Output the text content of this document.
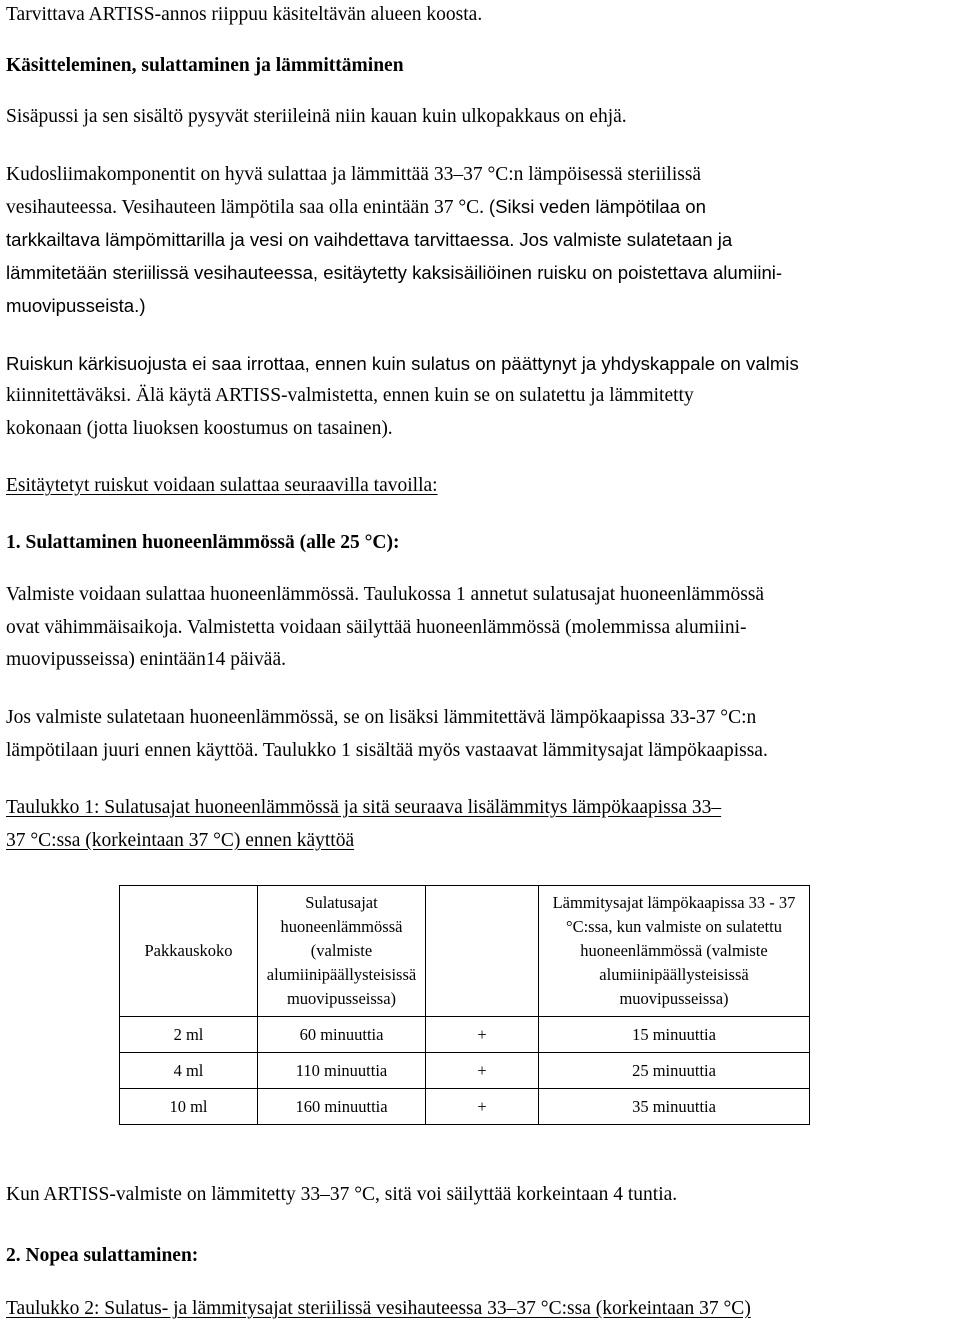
Tarvittava ARTISS-annos riippuu käsiteltävän alueen koosta.

Käsitteleminen, sulattaminen ja lämmittäminen

Sisäpussi ja sen sisältö pysyvät steriileinä niin kauan kuin ulkopakkaus on ehjä.

Kudosliimakomponentit on hyvä sulattaa ja lämmittää 33–37 °C:n lämpöisessä steriilissä

vesihauteessa. Vesihauteen lämpötila saa olla enintään 37 °C. (Siksi veden lämpötilaa on

tarkkailtava lämpömittarilla ja vesi on vaihdettava tarvittaessa. Jos valmiste sulatetaan ja

lämmitetään steriilissä vesihauteessa, esitäytetty kaksisäiliöinen ruisku on poistettava alumiini-

muovipusseista.)

Ruiskun kärkisuojusta ei saa irrottaa, ennen kuin sulatus on päättynyt ja yhdyskappale on valmis

kiinnitettäväksi. Älä käytä ARTISS-valmistetta, ennen kuin se on sulatettu ja lämmitetty

kokonaan (jotta liuoksen koostumus on tasainen).

Esitäytetyt ruiskut voidaan sulattaa seuraavilla tavoilla:

1. Sulattaminen huoneenlämmössä (alle 25 °C):

Valmiste voidaan sulattaa huoneenlämmössä. Taulukossa 1 annetut sulatusajat huoneenlämmössä

ovat vähimmäisaikoja. Valmistetta voidaan säilyttää huoneenlämmössä (molemmissa alumiini-

muovipusseissa) enintään14 päivää.

Jos valmiste sulatetaan huoneenlämmössä, se on lisäksi lämmitettävä lämpökaapissa 33-37 °C:n

lämpötilaan juuri ennen käyttöä. Taulukko 1 sisältää myös vastaavat lämmitysajat lämpökaapissa.

Taulukko 1: Sulatusajat huoneenlämmössä ja sitä seuraava lisälämmitys lämpökaapissa 33–

37 °C:ssa (korkeintaan 37 °C) ennen käyttöä

Pakkauskoko	Sulatusajat huoneenlämmössä (valmiste alumiinipäällysteisissä muovipusseissa)		Lämmitysajat lämpökaapissa 33 - 37 °C:ssa, kun valmiste on sulatettu huoneenlämmössä (valmiste alumiinipäällysteisissä muovipusseissa)
2 ml	60 minuuttia	+	15 minuuttia
4 ml	110 minuuttia	+	25 minuuttia
10 ml	160 minuuttia	+	35 minuuttia

Kun ARTISS-valmiste on lämmitetty 33–37 °C, sitä voi säilyttää korkeintaan 4 tuntia.

2. Nopea sulattaminen:

Taulukko 2: Sulatus- ja lämmitysajat steriilissä vesihauteessa 33–37 °C:ssa (korkeintaan 37 °C)
